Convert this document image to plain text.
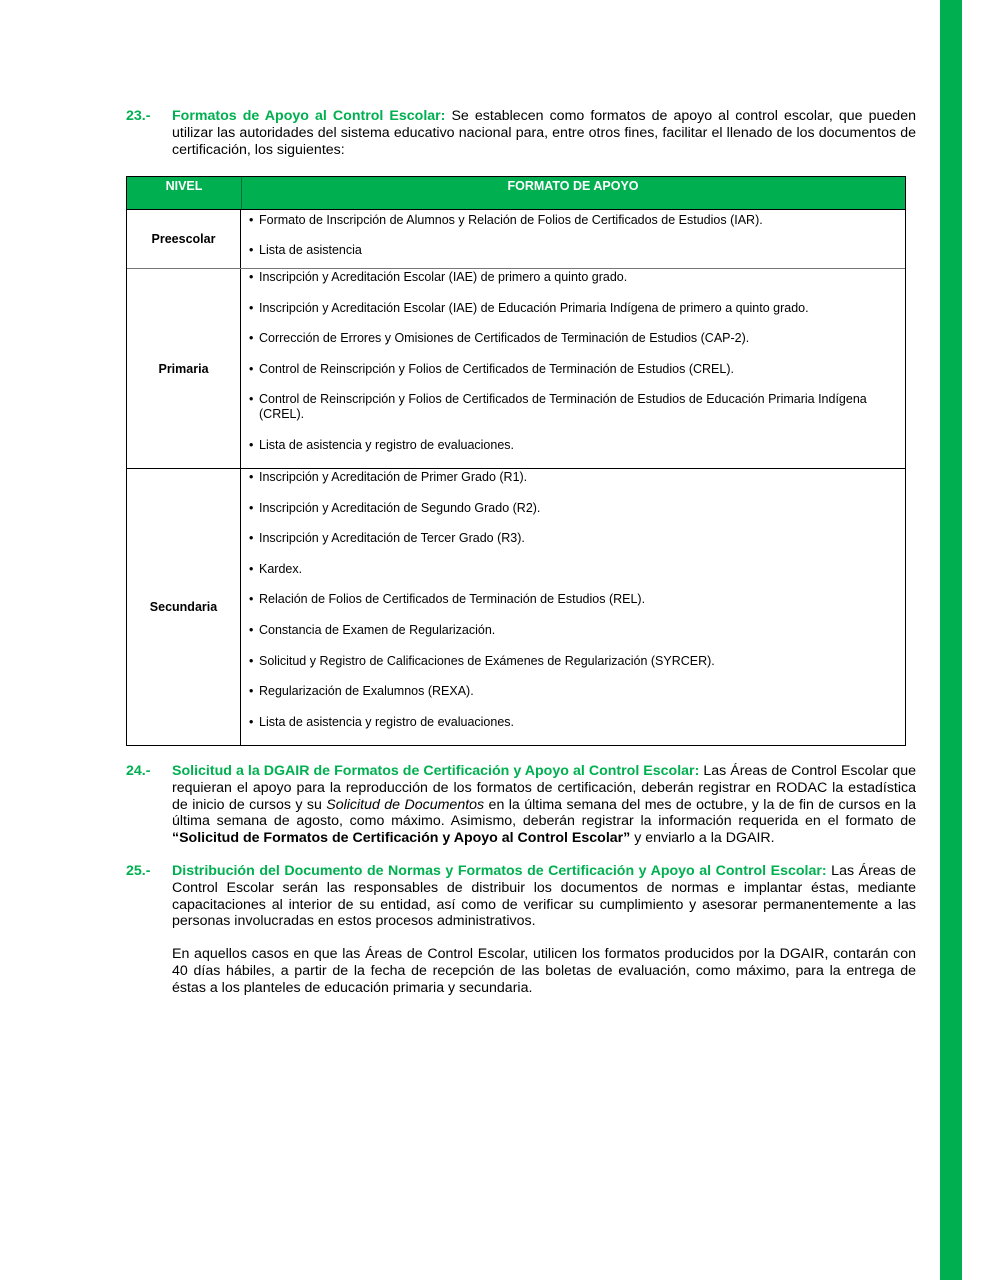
23.- Formatos de Apoyo al Control Escolar: Se establecen como formatos de apoyo al control escolar, que pueden utilizar las autoridades del sistema educativo nacional para, entre otros fines, facilitar el llenado de los documentos de certificación, los siguientes:
NIVEL	FORMATO DE APOYO
Preescolar
• Formato de Inscripción de Alumnos y Relación de Folios de Certificados de Estudios (IAR).
• Lista de asistencia
Primaria
• Inscripción y Acreditación Escolar (IAE) de primero a quinto grado.
• Inscripción y Acreditación Escolar (IAE) de Educación Primaria Indígena de primero a quinto grado.
• Corrección de Errores y Omisiones de Certificados de Terminación de Estudios (CAP-2).
• Control de Reinscripción y Folios de Certificados de Terminación de Estudios (CREL).
• Control de Reinscripción y Folios de Certificados de Terminación de Estudios de Educación Primaria Indígena (CREL).
• Lista de asistencia y registro de evaluaciones.
Secundaria
• Inscripción y Acreditación de Primer Grado (R1).
• Inscripción y Acreditación de Segundo Grado (R2).
• Inscripción y Acreditación de Tercer Grado (R3).
• Kardex.
• Relación de Folios de Certificados de Terminación de Estudios (REL).
• Constancia de Examen de Regularización.
• Solicitud y Registro de Calificaciones de Exámenes de Regularización (SYRCER).
• Regularización de Exalumnos (REXA).
• Lista de asistencia y registro de evaluaciones.
24.- Solicitud a la DGAIR de Formatos de Certificación y Apoyo al Control Escolar: Las Áreas de Control Escolar que requieran el apoyo para la reproducción de los formatos de certificación, deberán registrar en RODAC la estadística de inicio de cursos y su Solicitud de Documentos en la última semana del mes de octubre, y la de fin de cursos en la última semana de agosto, como máximo. Asimismo, deberán registrar la información requerida en el formato de “Solicitud de Formatos de Certificación y Apoyo al Control Escolar” y enviarlo a la DGAIR.
25.- Distribución del Documento de Normas y Formatos de Certificación y Apoyo al Control Escolar: Las Áreas de Control Escolar serán las responsables de distribuir los documentos de normas e implantar éstas, mediante capacitaciones al interior de su entidad, así como de verificar su cumplimiento y asesorar permanentemente a las personas involucradas en estos procesos administrativos.
En aquellos casos en que las Áreas de Control Escolar, utilicen los formatos producidos por la DGAIR, contarán con 40 días hábiles, a partir de la fecha de recepción de las boletas de evaluación, como máximo, para la entrega de éstas a los planteles de educación primaria y secundaria.
